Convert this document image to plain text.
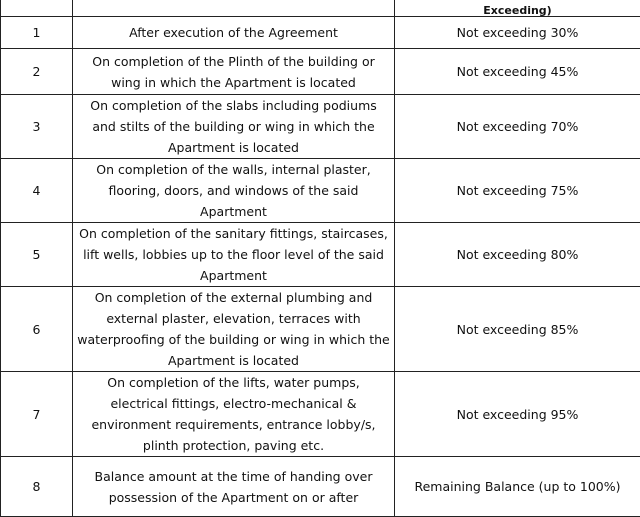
		Exceeding)
1	After execution of the Agreement	Not exceeding 30%
2	On completion of the Plinth of the building or wing in which the Apartment is located	Not exceeding 45%
3	On completion of the slabs including podiums and stilts of the building or wing in which the Apartment is located	Not exceeding 70%
4	On completion of the walls, internal plaster, flooring, doors, and windows of the said Apartment	Not exceeding 75%
5	On completion of the sanitary fittings, staircases, lift wells, lobbies up to the floor level of the said Apartment	Not exceeding 80%
6	On completion of the external plumbing and external plaster, elevation, terraces with waterproofing of the building or wing in which the Apartment is located	Not exceeding 85%
7	On completion of the lifts, water pumps, electrical fittings, electro-mechanical & environment requirements, entrance lobby/s, plinth protection, paving etc.	Not exceeding 95%
8	Balance amount at the time of handing over possession of the Apartment on or after	Remaining Balance (up to 100%)
